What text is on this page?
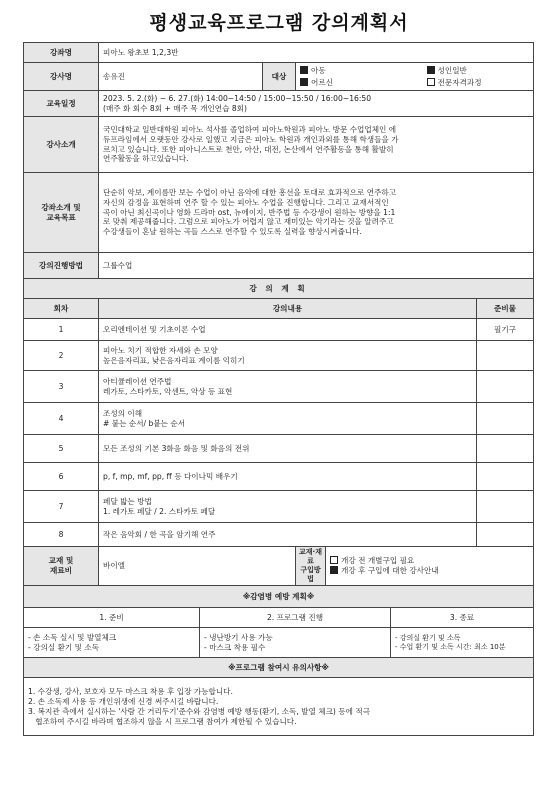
평생교육프로그램 강의계획서
강좌명	피아노 왕초보 1,2,3반
강사명	송유진	대상	
아동	성인일반
어르신	전문자격과정

교육일정	
2023. 5. 2.(화) ~ 6. 27.(화) 14:00~14:50 / 15:00~15:50 / 16:00~16:50
(매주 화 회수 8회 + 매주 목 개인연습 8회)

강사소개	
국민대학교 일반대학원 피아노 석사를 졸업하여 피아노학원과 피아노 방문 수업업체인 에
듀프라임에서 오랫동안 강사로 일했고 지금은 피아노 학원과 개인과외를 통해 학생들을 가
르치고 있습니다. 또한 피아니스트로 천안, 아산, 대전, 논산에서 연주활동을 통해 활발히
연주활동을 하고있습니다.

강좌소개 및
교육목표

단순히 악보, 계이름만 보는 수업이 아닌 음악에 대한 흥선을 토대로 효과적으로 연주하고
자신의 감정을 표현하며 연주 할 수 있는 피아노 수업을 진행합니다. 그리고 교재서적인
곡이 아닌 최신곡이나 영화 드라마 ost, 뉴에이지, 반주법 등 수강생이 원하는 방향을 1:1
로 맞춰 제공해줍니다. 그럼으로 피아노가 어렵지 않고 재미있는 악기라는 것을 알려주고
수강생들이 혼날 원하는 곡들 스스로 연주할 수 있도록 실력을 향상시켜줍니다.

강의진행방법	그룹수업
강 의 계 획
회차	강의내용	준비물
1	오리엔테이션 및 기초이론 수업	필기구
2	
피아노 치기 적합한 자세와 손 모양
높은음자리표, 낮은음자리표 계이름 익히기

3	
아티큘레이션 연주법
레가토, 스타카토, 악센트, 악상 등 표현

4	
조성의 이해
# 붙는 순서/ b붙는 순서

5	모든 조성의 기본 3화음 화음 및 화음의 전위

6	p, f, mp, mf, pp, ff 등 다이나믹 배우기

7	
페달 밟는 방법
1. 레가토 페달 / 2. 스타카토 페달

8	작은 음악회 / 한 곡을 암기해 연주

교재 및
재료비
	바이엘	
교재·재료
구입방법

개강 전 개별구입 필요
개강 후 구입에 대한 강사안내

※감염병 예방 계획※
1. 준비	2. 프로그램 진행	3. 종료

- 손 소독 실시 및 발열체크
- 강의실 환기 및 소독

- 냉난방기 사용 가능
- 마스크 착용 필수

- 강의실 환기 및 소독
- 수업 환기 및 소독 시간: 최소 10분

※프로그램 참여시 유의사항※

1. 수강생, 강사, 보호자 모두 마스크 착용 후 입장 가능합니다.
2. 손 소독제 사용 등 개인위생에 신경 써주시길 바랍니다.
3. 복지관 측에서 실시하는 '사람 간 거리두기'준수와 감염병 예방 행동(환기, 소독, 발열 체크) 등에 적극
협조하여 주시길 바라며 협조하지 않을 시 프로그램 참여가 제한될 수 있습니다.
